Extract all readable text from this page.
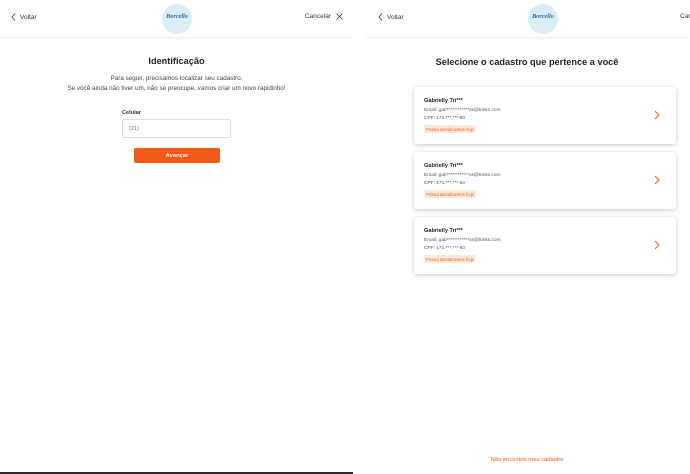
Voltar	Borcello
· · · · · · · · · ·
Cancelar
Identificação
Para seguir, precisamos localizar seu cadastro.
Se você ainda não tiver um, não se preocupe, vamos criar um novo rapidinho!
Celular
(21)
Avançar
Voltar	Borcello
· · · · · · · · · ·
Car
Selecione o cadastro que pertence a você
Gabrielly Tri***
Email: gab************xs@trinks.com
CPF: 171.***.***-60
Possui atendimentos hoje
Gabrielly Tri***
Email: gab************xs@trinks.com
CPF: 171.***.***-60
Possui atendimentos hoje
Gabrielly Tri***
Email: gab************xs@trinks.com
CPF: 171.***.***-60
Possui atendimentos hoje
Não encontrei meu cadastro
